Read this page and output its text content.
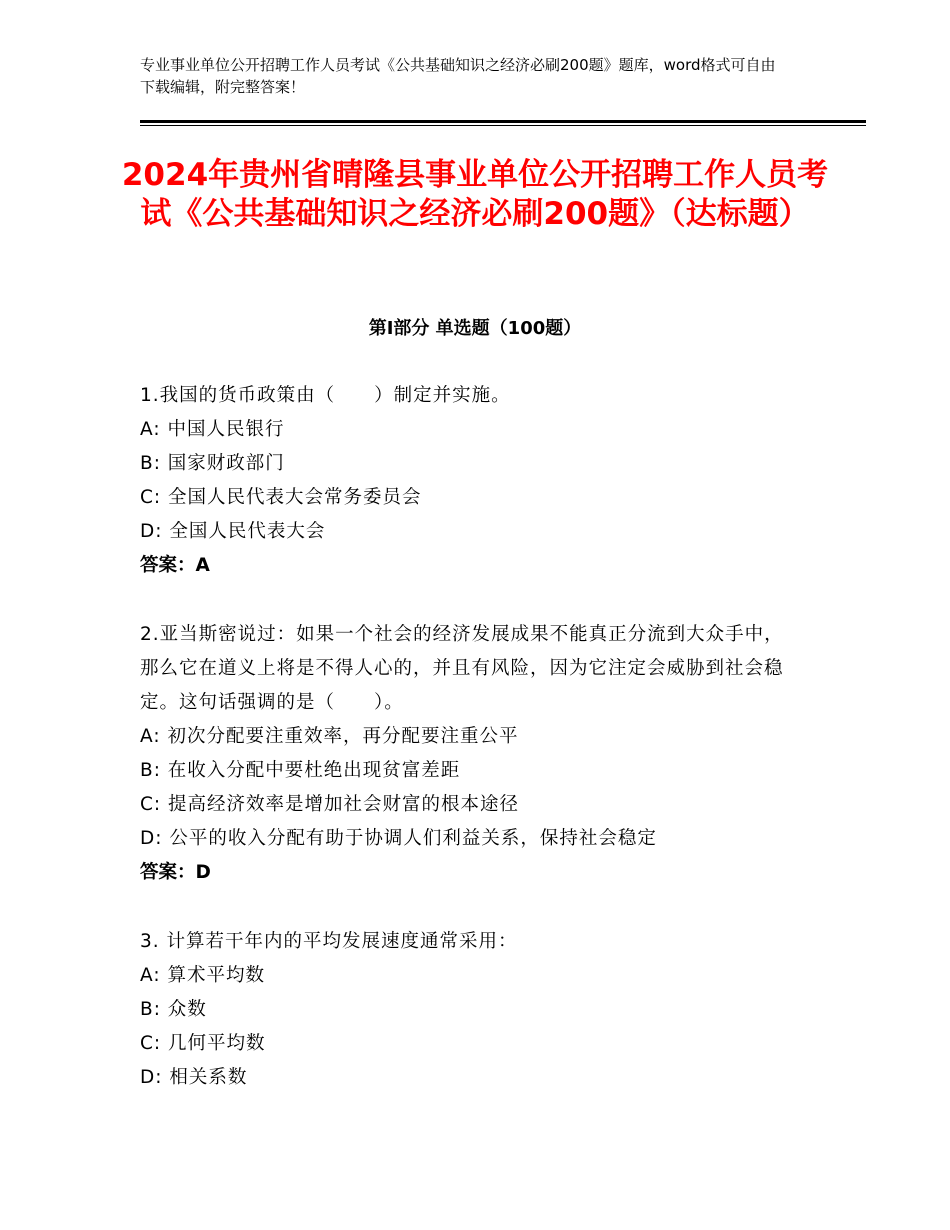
专业事业单位公开招聘工作人员考试《公共基础知识之经济必刷200题》题库，word格式可自由下载编辑，附完整答案！
2024年贵州省晴隆县事业单位公开招聘工作人员考试《公共基础知识之经济必刷200题》（达标题）
第Ⅰ部分 单选题（100题）
1.我国的货币政策由（　　）制定并实施。
A: 中国人民银行
B: 国家财政部门
C: 全国人民代表大会常务委员会
D: 全国人民代表大会
答案：A
2.亚当斯密说过：如果一个社会的经济发展成果不能真正分流到大众手中，那么它在道义上将是不得人心的，并且有风险，因为它注定会威胁到社会稳定。这句话强调的是（　　）。
A: 初次分配要注重效率，再分配要注重公平
B: 在收入分配中要杜绝出现贫富差距
C: 提高经济效率是增加社会财富的根本途径
D: 公平的收入分配有助于协调人们利益关系，保持社会稳定
答案：D
3. 计算若干年内的平均发展速度通常采用：
A: 算术平均数
B: 众数
C: 几何平均数
D: 相关系数
